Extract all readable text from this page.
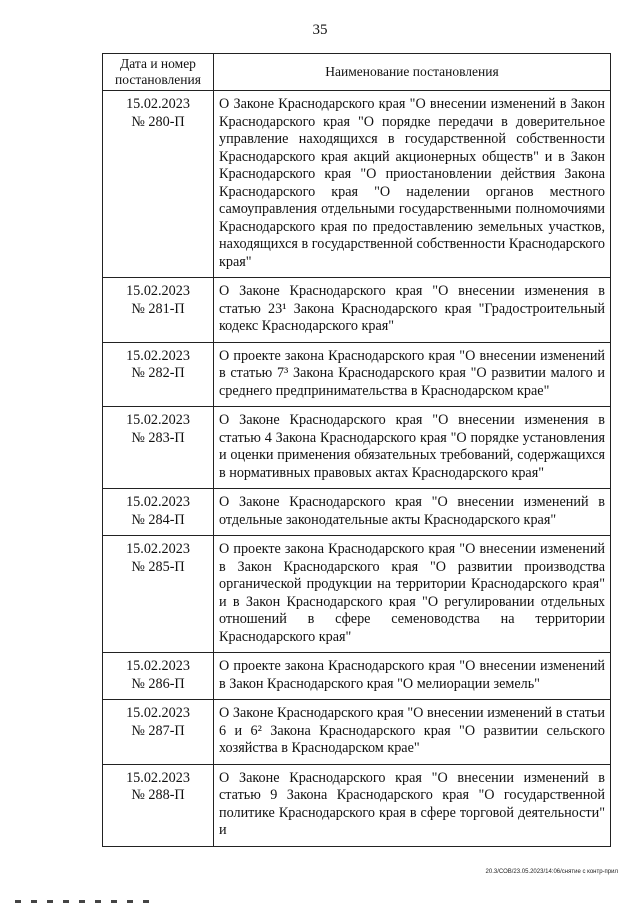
35
Дата и номер постановления	Наименование постановления

15.02.2023
№ 280-П	О Законе Краснодарского края "О внесении изменений в Закон Краснодарского края "О порядке передачи в доверительное управление находящихся в государственной собственности Краснодарского края акций акционерных обществ" и в Закон Краснодарского края "О приостановлении действия Закона Краснодарского края "О наделении органов местного самоуправления отдельными государственными полномочиями Краснодарского края по предоставлению земельных участков, находящихся в государственной собственности Краснодарского края"

15.02.2023
№ 281-П	О Законе Краснодарского края "О внесении изменения в статью 23¹ Закона Краснодарского края "Градостроительный кодекс Краснодарского края"

15.02.2023
№ 282-П	О проекте закона Краснодарского края "О внесении изменений в статью 7³ Закона Краснодарского края "О развитии малого и среднего предпринимательства в Краснодарском крае"

15.02.2023
№ 283-П	О Законе Краснодарского края "О внесении изменения в статью 4 Закона Краснодарского края "О порядке установления и оценки применения обязательных требований, содержащихся в нормативных правовых актах Краснодарского края"

15.02.2023
№ 284-П	О Законе Краснодарского края "О внесении изменений в отдельные законодательные акты Краснодарского края"

15.02.2023
№ 285-П	О проекте закона Краснодарского края "О внесении изменений в Закон Краснодарского края "О развитии производства органической продукции на территории Краснодарского края" и в Закон Краснодарского края "О регулировании отдельных отношений в сфере семеноводства на территории Краснодарского края"

15.02.2023
№ 286-П	О проекте закона Краснодарского края "О внесении изменений в Закон Краснодарского края "О мелиорации земель"

15.02.2023
№ 287-П	О Законе Краснодарского края "О внесении изменений в статьи 6 и 6² Закона Краснодарского края "О развитии сельского хозяйства в Краснодарском крае"

15.02.2023
№ 288-П	О Законе Краснодарского края "О внесении изменений в статью 9 Закона Краснодарского края "О государственной политике Краснодарского края в сфере торговой деятельности" и
20.3/СОВ/23.05.2023/14:06/снятие с контр-прил
